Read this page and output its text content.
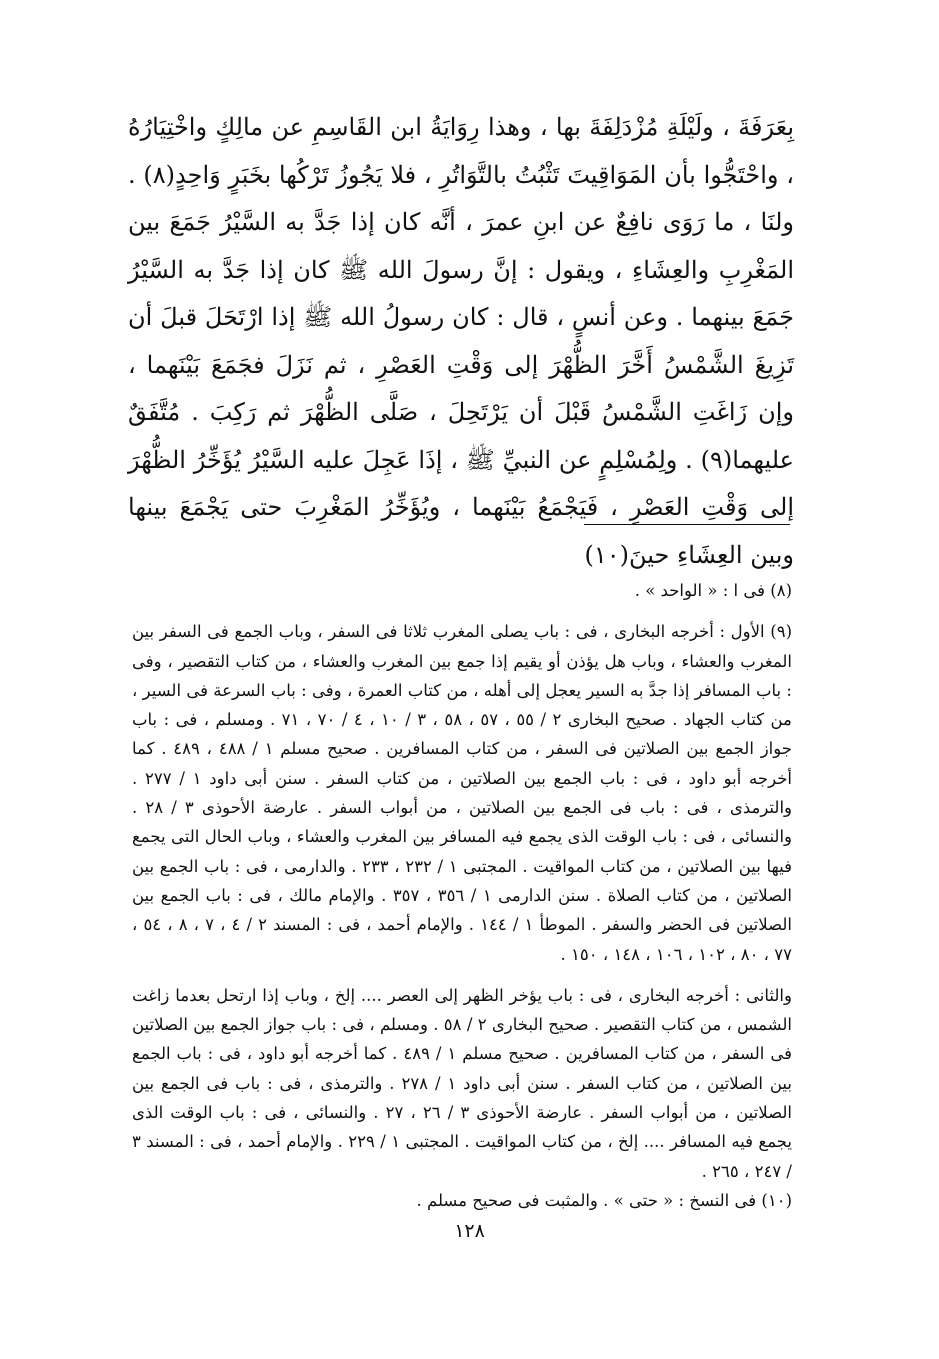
بِعَرَفَةَ ، ولَيْلَةِ مُزْدَلِفَةَ بها ، وهذا رِوَايَةُ ابن القَاسِمِ عن مالِكٍ واخْتِيَارُهُ ، واحْتَجُّوا بأن المَوَاقِيتَ تَثْبُتُ بالتَّوَاتُرِ ، فلا يَجُوزُ تَرْكُها بخَبَرٍ وَاحِدٍ(٨) . ولنَا ، ما رَوَى نافِعٌ عن ابنِ عمرَ ، أنَّه كان إذا جَدَّ به السَّيْرُ جَمَعَ بين المَغْرِبِ والعِشَاءِ ، ويقول : إنَّ رسولَ الله ﷺ كان إذا جَدَّ به السَّيْرُ جَمَعَ بينهما . وعن أنسٍ ، قال : كان رسولُ الله ﷺ إذا ارْتَحَلَ قبلَ أن تَزِيغَ الشَّمْسُ أَخَّرَ الظُّهْرَ إلى وَقْتِ العَصْرِ ، ثم نَزَلَ فجَمَعَ بَيْنَهما ، وإن زَاغَتِ الشَّمْسُ قَبْلَ أن يَرْتَحِلَ ، صَلَّى الظُّهْرَ ثم رَكِبَ . مُتَّفَقٌ عليهما(٩) . ولِمُسْلِمٍ عن النبيِّ ﷺ ، إذَا عَجِلَ عليه السَّيْرُ يُؤَخِّرُ الظُّهْرَ إلى وَقْتِ العَصْرِ ، فَيَجْمَعُ بَيْنَهما ، ويُؤَخِّرُ المَغْرِبَ حتى يَجْمَعَ بينها وبين العِشَاءِ حينَ(١٠)

(٨) فى ا : « الواحد » .

(٩) الأول : أخرجه البخارى ، فى : باب يصلى المغرب ثلاثا فى السفر ، وباب الجمع فى السفر بين المغرب والعشاء ، وباب هل يؤذن أو يقيم إذا جمع بين المغرب والعشاء ، من كتاب التقصير ، وفى : باب المسافر إذا جدَّ به السير يعجل إلى أهله ، من كتاب العمرة ، وفى : باب السرعة فى السير ، من كتاب الجهاد . صحيح البخارى ٢ / ٥٥ ، ٥٧ ، ٥٨ ، ٣ / ١٠ ، ٤ / ٧٠ ، ٧١ . ومسلم ، فى : باب جواز الجمع بين الصلاتين فى السفر ، من كتاب المسافرين . صحيح مسلم ١ / ٤٨٨ ، ٤٨٩ . كما أخرجه أبو داود ، فى : باب الجمع بين الصلاتين ، من كتاب السفر . سنن أبى داود ١ / ٢٧٧ . والترمذى ، فى : باب فى الجمع بين الصلاتين ، من أبواب السفر . عارضة الأحوذى ٣ / ٢٨ . والنسائى ، فى : باب الوقت الذى يجمع فيه المسافر بين المغرب والعشاء ، وباب الحال التى يجمع فيها بين الصلاتين ، من كتاب المواقيت . المجتبى ١ / ٢٣٢ ، ٢٣٣ . والدارمى ، فى : باب الجمع بين الصلاتين ، من كتاب الصلاة . سنن الدارمى ١ / ٣٥٦ ، ٣٥٧ . والإمام مالك ، فى : باب الجمع بين الصلاتين فى الحضر والسفر . الموطأ ١ / ١٤٤ . والإمام أحمد ، فى : المسند ٢ / ٤ ، ٧ ، ٨ ، ٥٤ ، ٧٧ ، ٨٠ ، ١٠٢ ، ١٠٦ ، ١٤٨ ، ١٥٠ .

والثانى : أخرجه البخارى ، فى : باب يؤخر الظهر إلى العصر .... إلخ ، وباب إذا ارتحل بعدما زاغت الشمس ، من كتاب التقصير . صحيح البخارى ٢ / ٥٨ . ومسلم ، فى : باب جواز الجمع بين الصلاتين فى السفر ، من كتاب المسافرين . صحيح مسلم ١ / ٤٨٩ . كما أخرجه أبو داود ، فى : باب الجمع بين الصلاتين ، من كتاب السفر . سنن أبى داود ١ / ٢٧٨ . والترمذى ، فى : باب فى الجمع بين الصلاتين ، من أبواب السفر . عارضة الأحوذى ٣ / ٢٦ ، ٢٧ . والنسائى ، فى : باب الوقت الذى يجمع فيه المسافر .... إلخ ، من كتاب المواقيت . المجتبى ١ / ٢٢٩ . والإمام أحمد ، فى : المسند ٣ / ٢٤٧ ، ٢٦٥ .

(١٠) فى النسخ : « حتى » . والمثبت فى صحيح مسلم .

١٢٨
